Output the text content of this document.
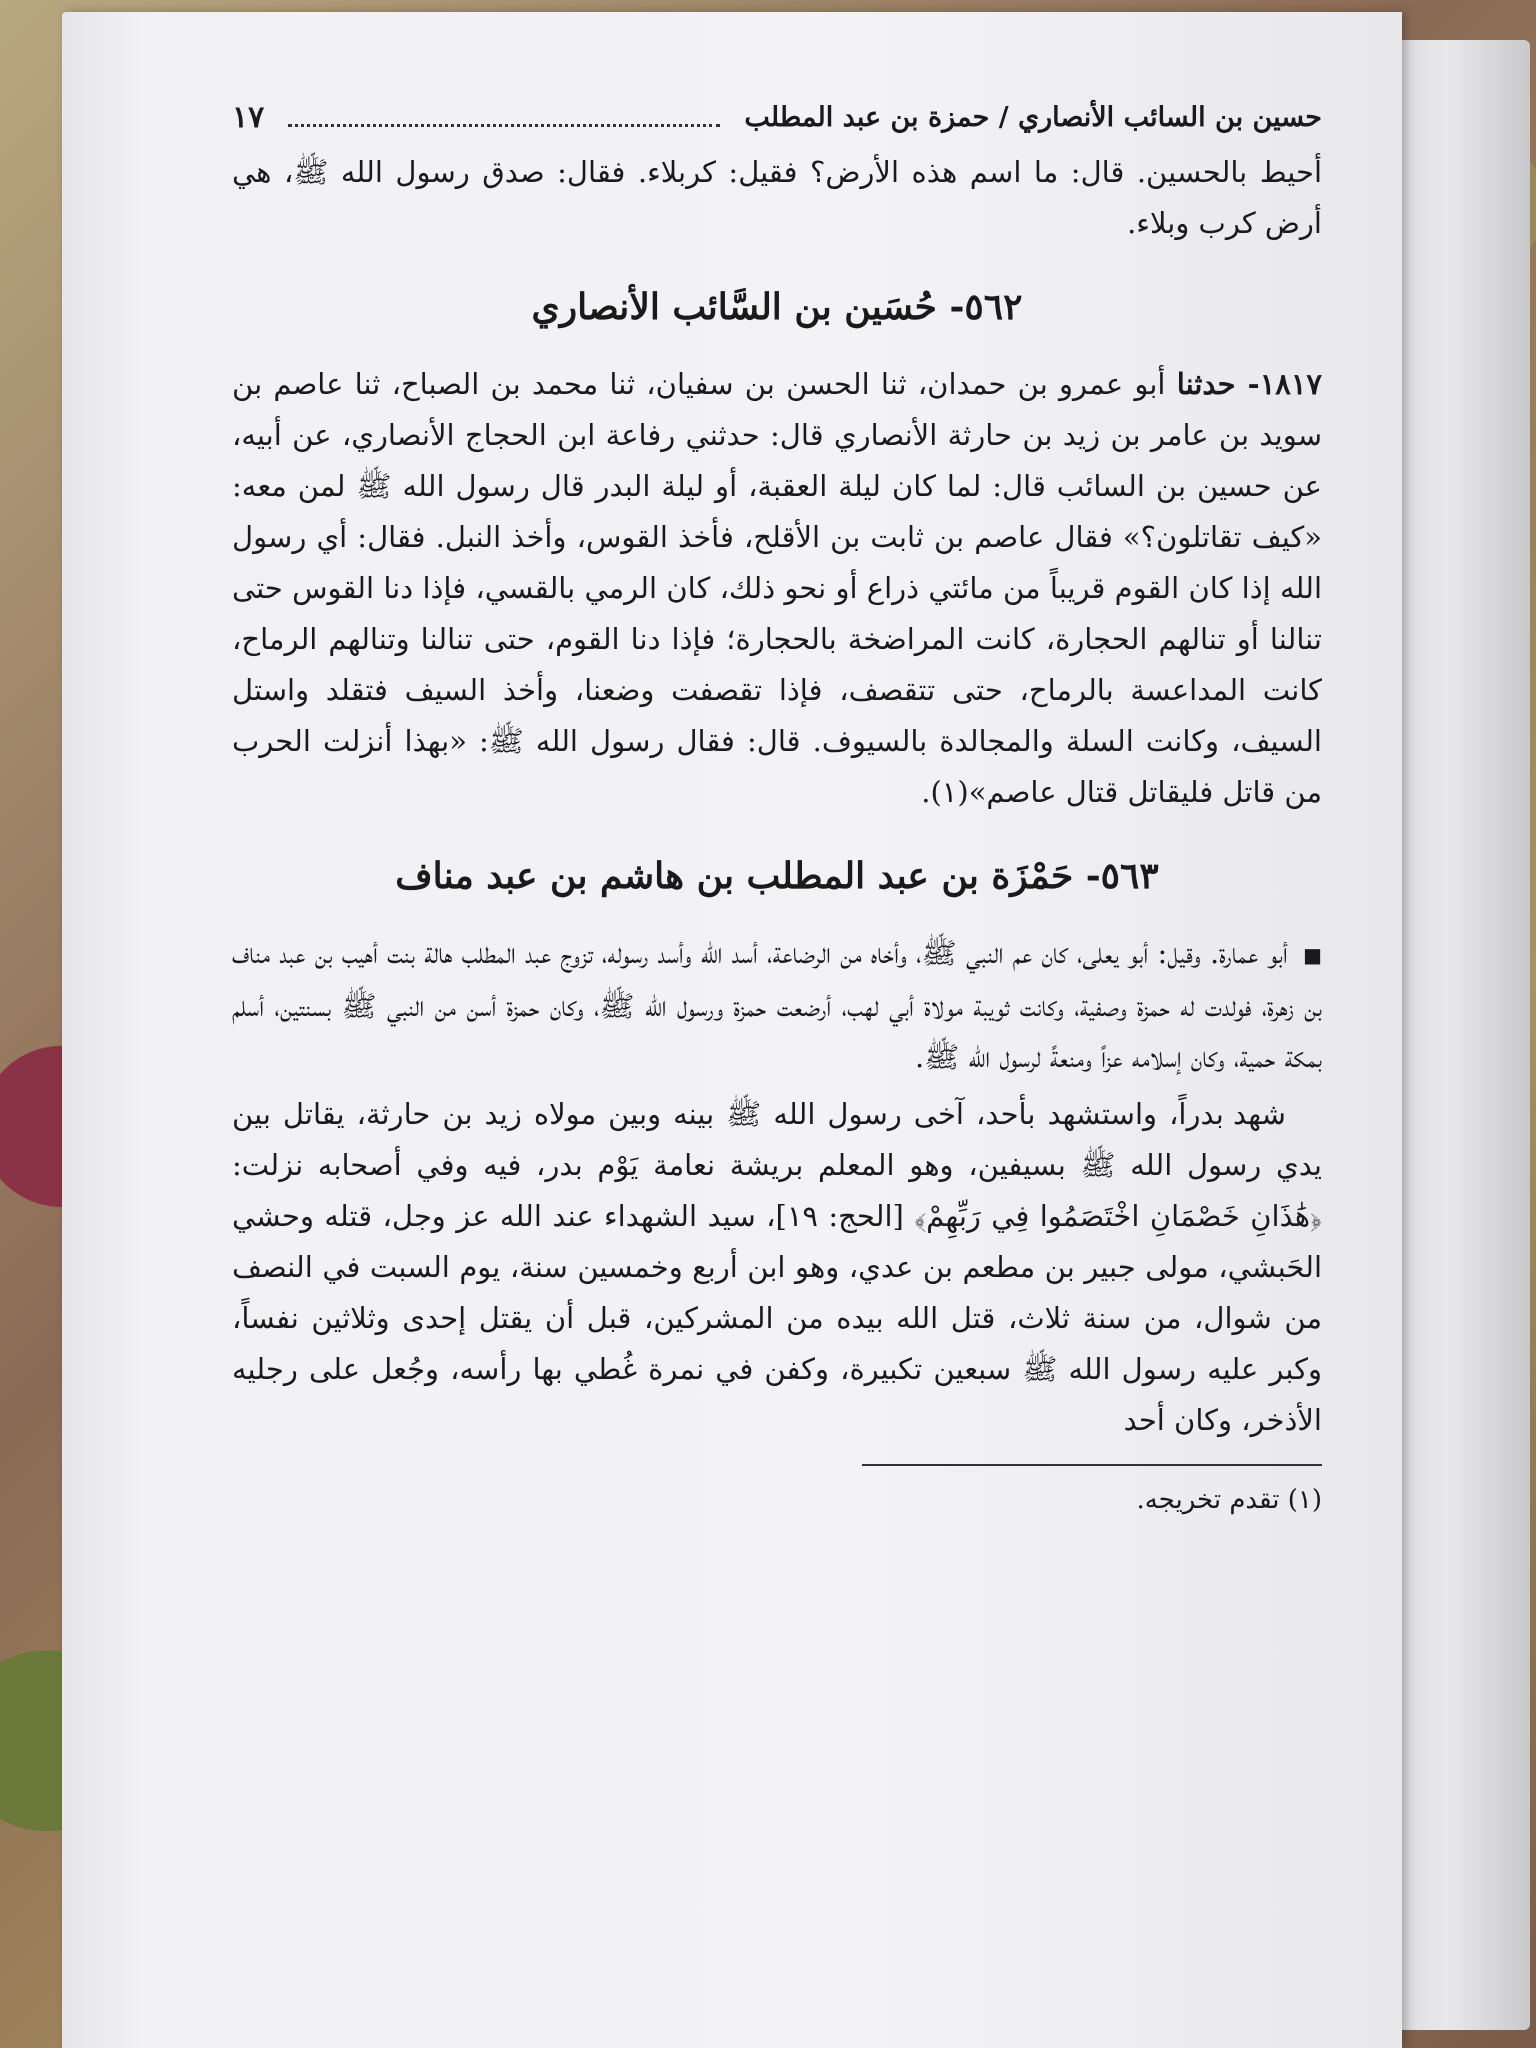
حسين بن السائب الأنصاري / حمزة بن عبد المطلب
١٧

أحيط بالحسين. قال: ما اسم هذه الأرض؟ فقيل: كربلاء. فقال: صدق رسول الله ﷺ، هي أرض كرب وبلاء.

٥٦٢- حُسَين بن السَّائب الأنصاري

١٨١٧- حدثنا أبو عمرو بن حمدان، ثنا الحسن بن سفيان، ثنا محمد بن الصباح، ثنا عاصم بن سويد بن عامر بن زيد بن حارثة الأنصاري قال: حدثني رفاعة ابن الحجاج الأنصاري، عن أبيه، عن حسين بن السائب قال: لما كان ليلة العقبة، أو ليلة البدر قال رسول الله ﷺ لمن معه: «كيف تقاتلون؟» فقال عاصم بن ثابت بن الأقلح، فأخذ القوس، وأخذ النبل. فقال: أي رسول الله إذا كان القوم قريباً من مائتي ذراع أو نحو ذلك، كان الرمي بالقسي، فإذا دنا القوس حتى تنالنا أو تنالهم الحجارة، كانت المراضخة بالحجارة؛ فإذا دنا القوم، حتى تنالنا وتنالهم الرماح، كانت المداعسة بالرماح، حتى تتقصف، فإذا تقصفت وضعنا، وأخذ السيف فتقلد واستل السيف، وكانت السلة والمجالدة بالسيوف. قال: فقال رسول الله ﷺ: «بهذا أنزلت الحرب من قاتل فليقاتل قتال عاصم»(١).

٥٦٣- حَمْزَة بن عبد المطلب بن هاشم بن عبد مناف

■ أبو عمارة. وقيل: أبو يعلى، كان عم النبي ﷺ، وأخاه من الرضاعة، أسد الله وأسد رسوله، تزوج عبد المطلب هالة بنت أهيب بن عبد مناف بن زهرة، فولدت له حمزة وصفية، وكانت ثويبة مولاة أبي لهب، أرضعت حمزة ورسول الله ﷺ، وكان حمزة أسن من النبي ﷺ بسنتين، أسلم بمكة حمية، وكان إسلامه عزاً ومنعةً لرسول الله ﷺ.

شهد بدراً، واستشهد بأحد، آخى رسول الله ﷺ بينه وبين مولاه زيد بن حارثة، يقاتل بين يدي رسول الله ﷺ بسيفين، وهو المعلم بريشة نعامة يَوْم بدر، فيه وفي أصحابه نزلت: ﴿هَٰذَانِ خَصْمَانِ اخْتَصَمُوا فِي رَبِّهِمْ﴾ [الحج: ١٩]، سيد الشهداء عند الله عز وجل، قتله وحشي الحَبشي، مولى جبير بن مطعم بن عدي، وهو ابن أربع وخمسين سنة، يوم السبت في النصف من شوال، من سنة ثلاث، قتل الله بيده من المشركين، قبل أن يقتل إحدى وثلاثين نفساً، وكبر عليه رسول الله ﷺ سبعين تكبيرة، وكفن في نمرة غُطي بها رأسه، وجُعل على رجليه الأذخر، وكان أحد

(١) تقدم تخريجه.
